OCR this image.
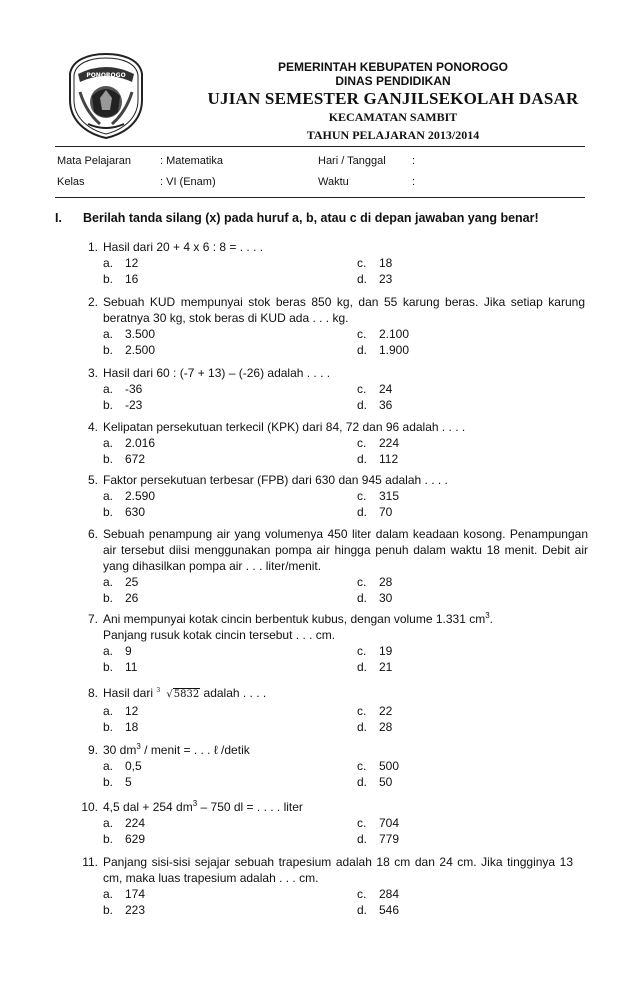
PONOROGO
PEMERINTAH KEBUPATEN PONOROGO
DINAS PENDIDIKAN
UJIAN SEMESTER GANJILSEKOLAH DASAR
KECAMATAN SAMBIT
TAHUN PELAJARAN 2013/2014
Mata Pelajaran	: Matematika	Hari / Tanggal :
Kelas	: VI (Enam)	Waktu	:
I. Berilah tanda silang (x) pada huruf a, b, atau c di depan jawaban yang benar!
1. Hasil dari 20 + 4 x 6 : 8 = . . . .
a. 12	c. 18
b. 16	d. 23
2. Sebuah KUD mempunyai stok beras 850 kg, dan 55 karung beras. Jika setiap karung beratnya 30 kg, stok beras di KUD ada . . . kg.
a. 3.500	c. 2.100
b. 2.500	d. 1.900
3. Hasil dari 60 : (-7 + 13) – (-26) adalah . . . .
a. -36	c. 24
b. -23	d. 36
4. Kelipatan persekutuan terkecil (KPK) dari 84, 72 dan 96 adalah . . . .
a. 2.016	c. 224
b. 672	d. 112
5. Faktor persekutuan terbesar (FPB) dari 630 dan 945 adalah . . . .
a. 2.590	c. 315
b. 630	d. 70
6. Sebuah penampung air yang volumenya 450 liter dalam keadaan kosong. Penampungan air tersebut diisi menggunakan pompa air hingga penuh dalam waktu 18 menit. Debit air yang dihasilkan pompa air . . . liter/menit.
a. 25	c. 28
b. 26	d. 30
7. Ani mempunyai kotak cincin berbentuk kubus, dengan volume 1.331 $cm^3$.
Panjang rusuk kotak cincin tersebut . . . cm.
a. 9	c. 19
b. 11	d. 21
8. Hasil dari 3 √5832 adalah . . . .
a. 12	c. 22
b. 18	d. 28
9. 30 $dm^3$ / menit = . . . ℓ /detik
a. 0,5	c. 500
b. 5	d. 50
10. 4,5 dal + 254 $dm^3 - 750$ dl = . . . . liter
a. 224	c. 704
b. 629	d. 779
11. Panjang sisi-sisi sejajar sebuah trapesium adalah 18 cm dan 24 cm. Jika tingginya 13 cm, maka luas trapesium adalah . . . cm.
a. 174	c. 284
b. 223	d. 546
